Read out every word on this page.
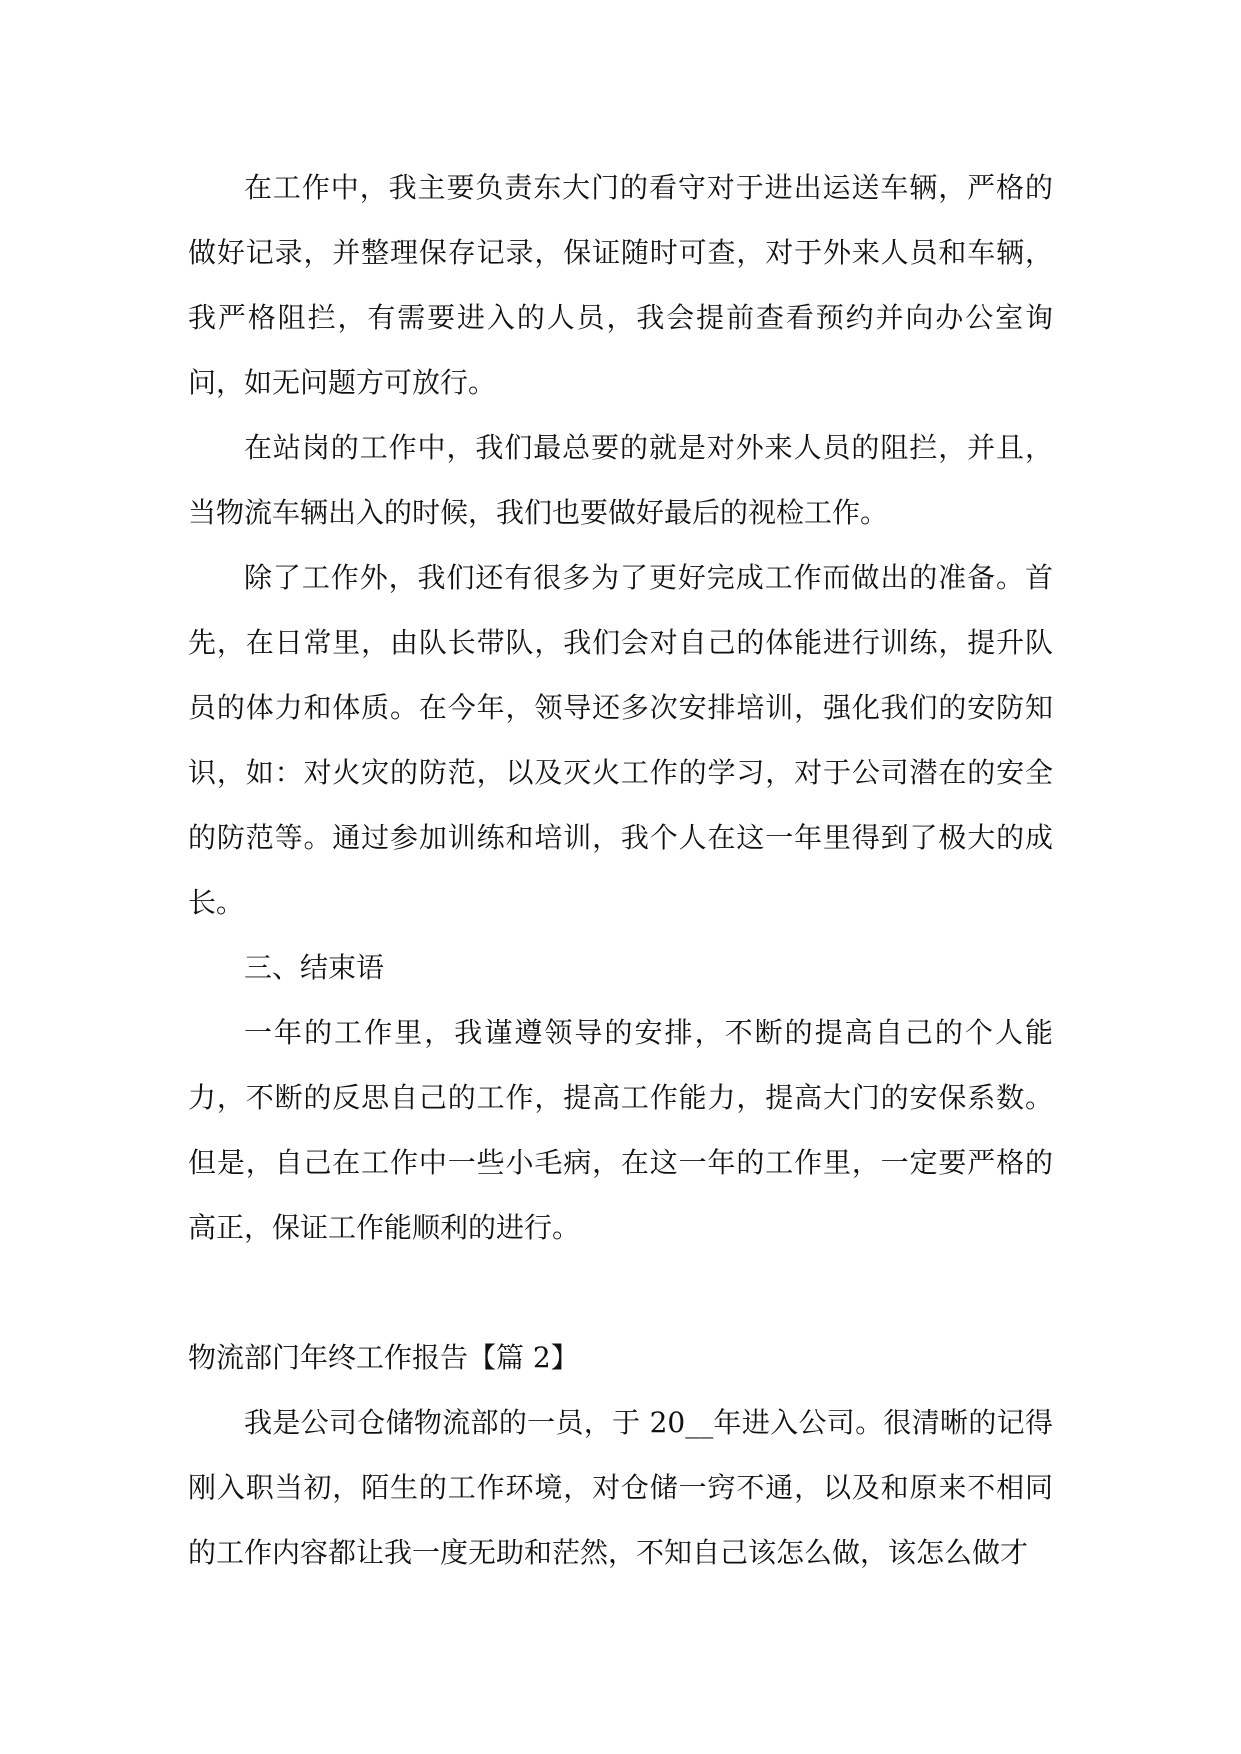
在工作中，我主要负责东大门的看守对于进出运送车辆，严格的做好记录，并整理保存记录，保证随时可查，对于外来人员和车辆，我严格阻拦，有需要进入的人员，我会提前查看预约并向办公室询问，如无问题方可放行。

在站岗的工作中，我们最总要的就是对外来人员的阻拦，并且，当物流车辆出入的时候，我们也要做好最后的视检工作。

除了工作外，我们还有很多为了更好完成工作而做出的准备。首先，在日常里，由队长带队，我们会对自己的体能进行训练，提升队员的体力和体质。在今年，领导还多次安排培训，强化我们的安防知识，如：对火灾的防范，以及灭火工作的学习，对于公司潜在的安全的防范等。通过参加训练和培训，我个人在这一年里得到了极大的成长。

三、结束语

一年的工作里，我谨遵领导的安排，不断的提高自己的个人能力，不断的反思自己的工作，提高工作能力，提高大门的安保系数。但是，自己在工作中一些小毛病，在这一年的工作里，一定要严格的高正，保证工作能顺利的进行。

物流部门年终工作报告【篇 2】

我是公司仓储物流部的一员，于 20__年进入公司。很清晰的记得刚入职当初，陌生的工作环境，对仓储一窍不通，以及和原来不相同的工作内容都让我一度无助和茫然，不知自己该怎么做，该怎么做才
